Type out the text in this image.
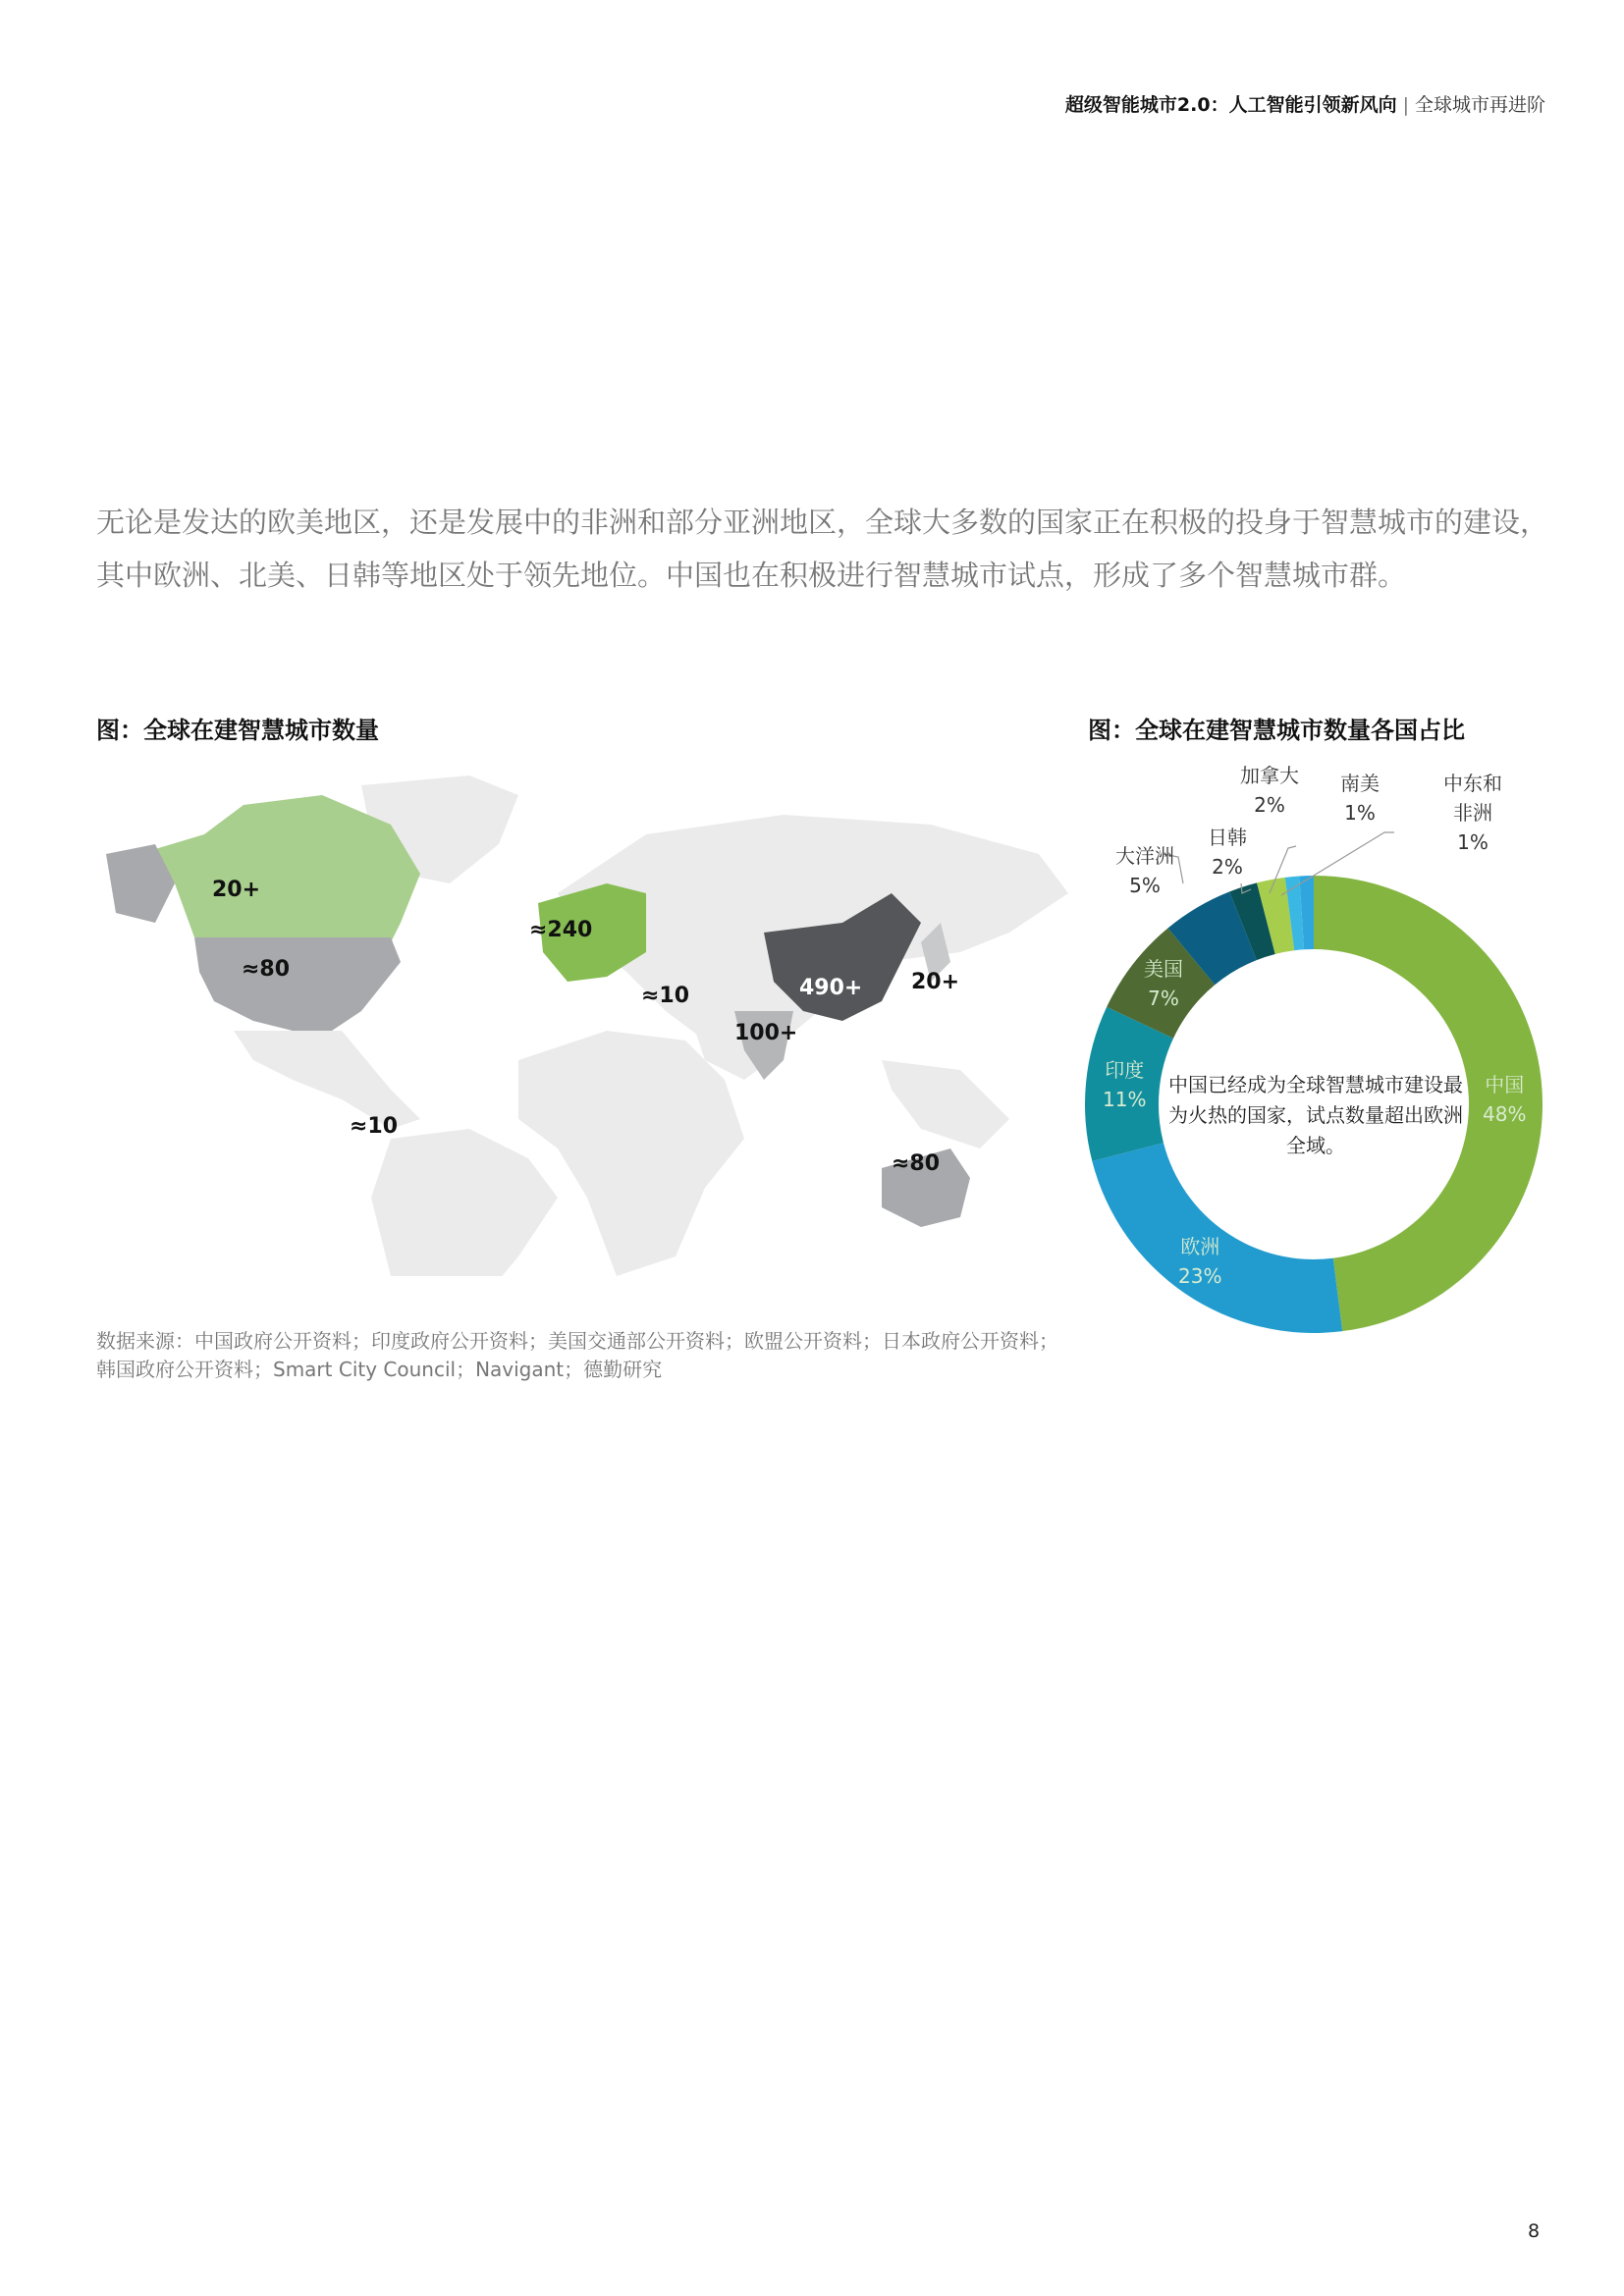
超级智能城市2.0：人工智能引领新风向 | 全球城市再进阶
无论是发达的欧美地区，还是发展中的非洲和部分亚洲地区，全球大多数的国家正在积极的投身于智慧城市的建设，其中欧洲、北美、日韩等地区处于领先地位。中国也在积极进行智慧城市试点，形成了多个智慧城市群。
图：全球在建智慧城市数量
20+
≈80
≈240
≈10	490+ 20+
100+
≈10
≈80
数据来源：中国政府公开资料；印度政府公开资料；美国交通部公开资料；欧盟公开资料；日本政府公开资料；韩国政府公开资料；Smart City Council；Navigant；德勤研究
图：全球在建智慧城市数量各国占比
中国已经成为全球智慧城市建设最为火热的国家，试点数量超出欧洲全域。
中国
48%
欧洲
23%
印度
11%
美国
7%
大洋洲
5%
日韩
2%
加拿大
2%
南美
1%
中东和非洲
1%
8
